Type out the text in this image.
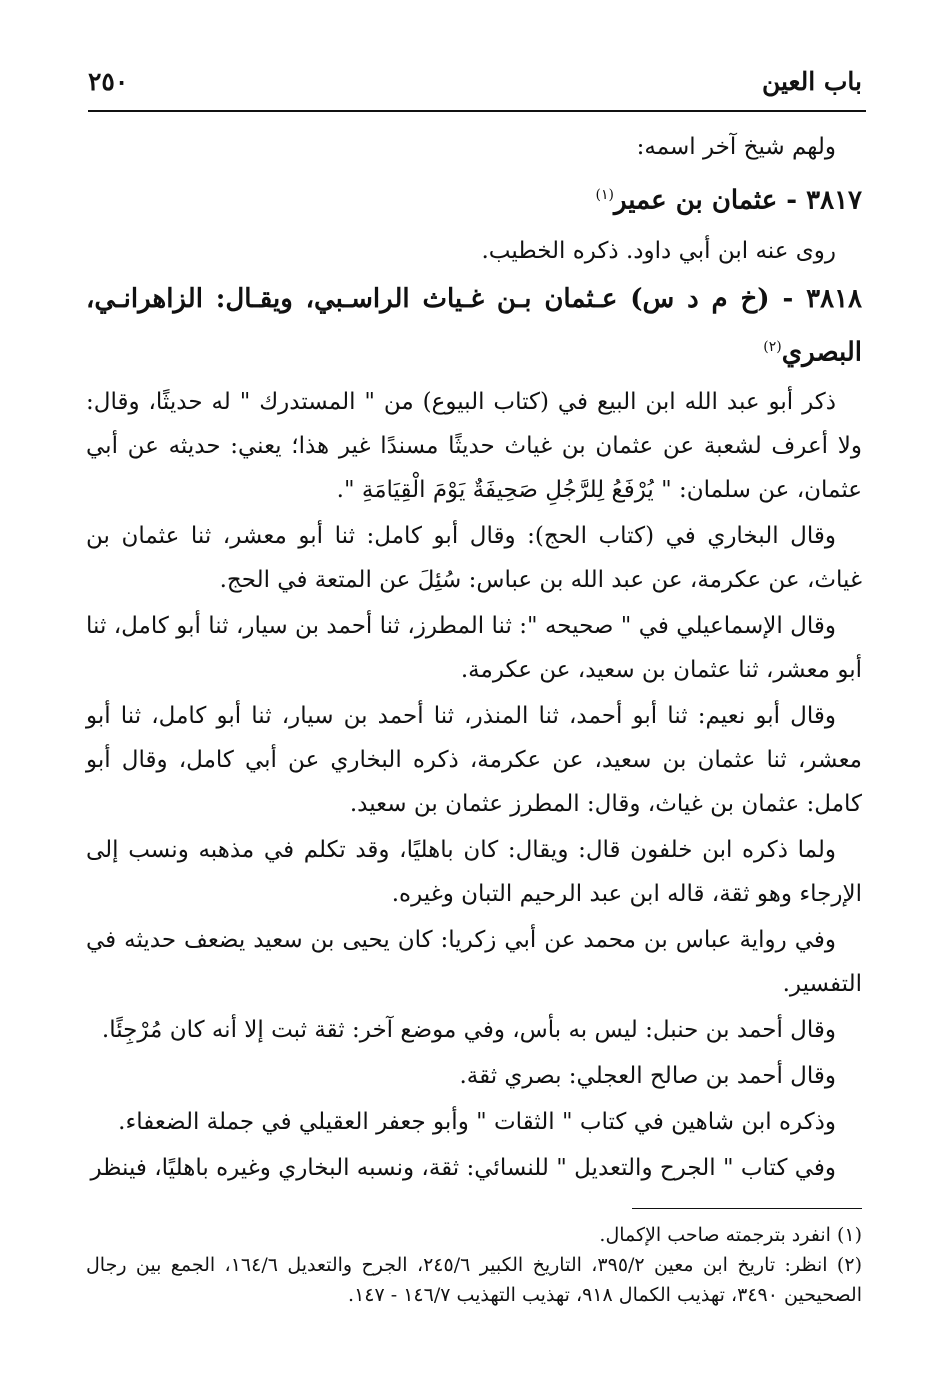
باب العين
٢٥٠

ولهم شيخ آخر اسمه:

٣٨١٧ - عثمان بن عمير$^{(١)}$

روى عنه ابن أبي داود. ذكره الخطيب.

٣٨١٨ - (خ م د س) عـثمان بـن غـياث الراسـبي، ويقـال: الزاهرانـي، البصري$^{(٢)}$

ذكر أبو عبد الله ابن البيع في (كتاب البيوع) من " المستدرك " له حديثًا، وقال: ولا أعرف لشعبة عن عثمان بن غياث حديثًا مسندًا غير هذا؛ يعني: حديثه عن أبي عثمان، عن سلمان: " يُرْفَعُ لِلرَّجُلِ صَحِيفَةٌ يَوْمَ الْقِيَامَةِ ".

وقال البخاري في (كتاب الحج): وقال أبو كامل: ثنا أبو معشر، ثنا عثمان بن غياث، عن عكرمة، عن عبد الله بن عباس: سُئِلَ عن المتعة في الحج.

وقال الإسماعيلي في " صحيحه ": ثنا المطرز، ثنا أحمد بن سيار، ثنا أبو كامل، ثنا أبو معشر، ثنا عثمان بن سعيد، عن عكرمة.

وقال أبو نعيم: ثنا أبو أحمد، ثنا المنذر، ثنا أحمد بن سيار، ثنا أبو كامل، ثنا أبو معشر، ثنا عثمان بن سعيد، عن عكرمة، ذكره البخاري عن أبي كامل، وقال أبو كامل: عثمان بن غياث، وقال: المطرز عثمان بن سعيد.

ولما ذكره ابن خلفون قال: ويقال: كان باهليًا، وقد تكلم في مذهبه ونسب إلى الإرجاء وهو ثقة، قاله ابن عبد الرحيم التبان وغيره.

وفي رواية عباس بن محمد عن أبي زكريا: كان يحيى بن سعيد يضعف حديثه في التفسير.

وقال أحمد بن حنبل: ليس به بأس، وفي موضع آخر: ثقة ثبت إلا أنه كان مُرْجِئًا.

وقال أحمد بن صالح العجلي: بصري ثقة.

وذكره ابن شاهين في كتاب " الثقات " وأبو جعفر العقيلي في جملة الضعفاء.

وفي كتاب " الجرح والتعديل " للنسائي: ثقة، ونسبه البخاري وغيره باهليًا، فينظر

(١) انفرد بترجمته صاحب الإكمال.
(٢) انظر: تاريخ ابن معين ٣٩٥/٢، التاريخ الكبير ٢٤٥/٦، الجرح والتعديل ١٦٤/٦، الجمع بين رجال الصحيحين ٣٤٩٠، تهذيب الكمال ٩١٨، تهذيب التهذيب ١٤٦/٧ - ١٤٧.
